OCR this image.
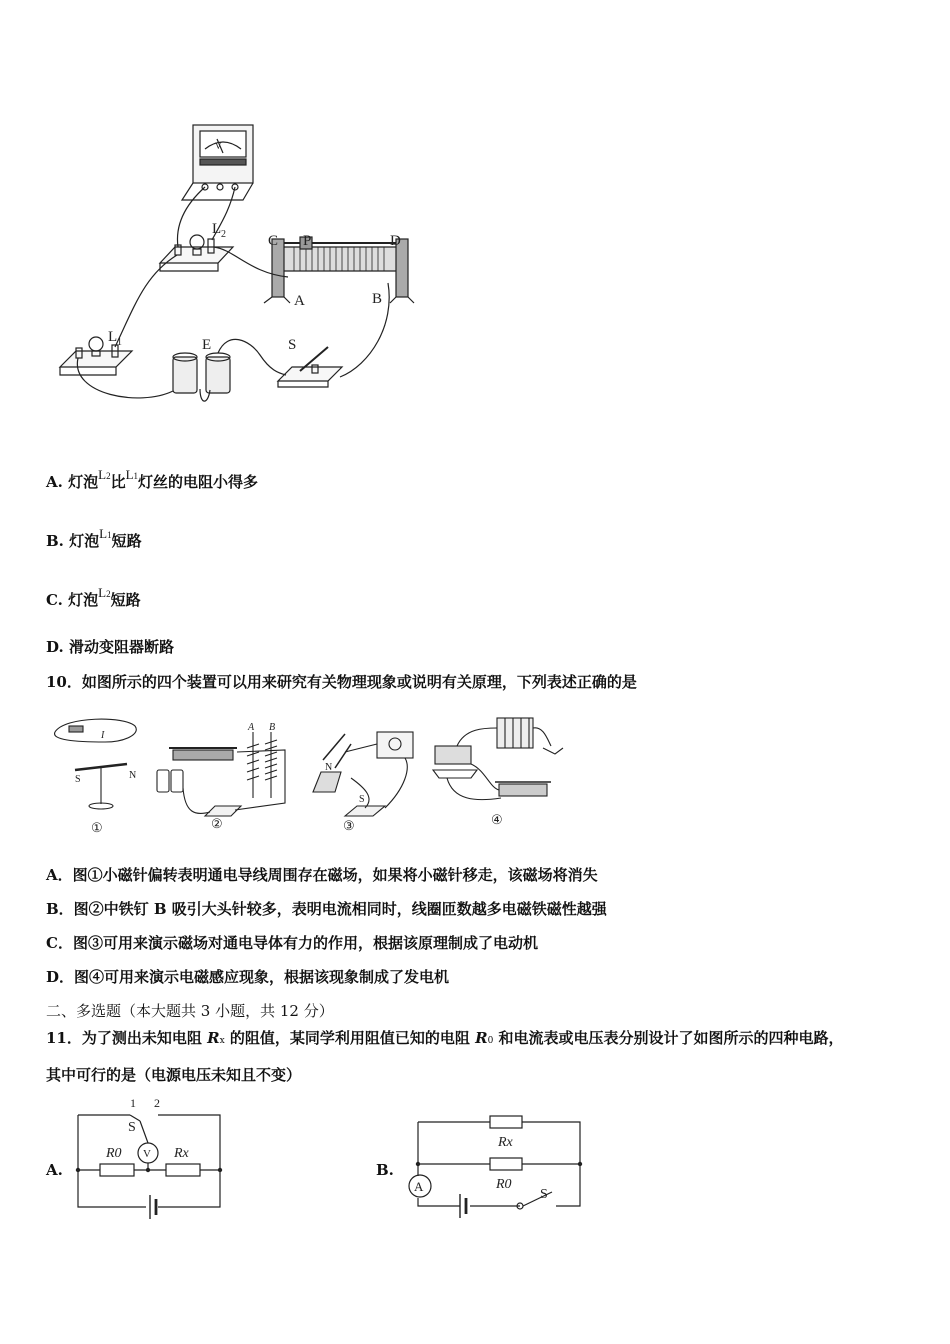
V
C P	D
A	B
L 2
L 1	E	S
A. 灯泡L2比L1灯丝的电阻小得多
B. 灯泡L1短路
C. 灯泡L2短路
D. 滑动变阻器断路
10．如图所示的四个装置可以用来研究有关物理现象或说明有关原理，下列表述正确的是
S	N
I
A B
S
N
①	②	③	④
A．图①小磁针偏转表明通电导线周围存在磁场，如果将小磁针移走，该磁场将消失
B．图②中铁钉 B 吸引大头针较多，表明电流相同时，线圈匝数越多电磁铁磁性越强
C．图③可用来演示磁场对通电导体有力的作用，根据该原理制成了电动机
D．图④可用来演示电磁感应现象，根据该现象制成了发电机
二、多选题（本大题共 3 小题，共 12 分）
11．为了测出未知电阻 Rx 的阻值，某同学利用阻值已知的电阻 R0 和电流表或电压表分别设计了如图所示的四种电路，
其中可行的是（电源电压未知且不变）
A.
1 2
S
V
R0	Rx
B.
Rx
R0
A
S
